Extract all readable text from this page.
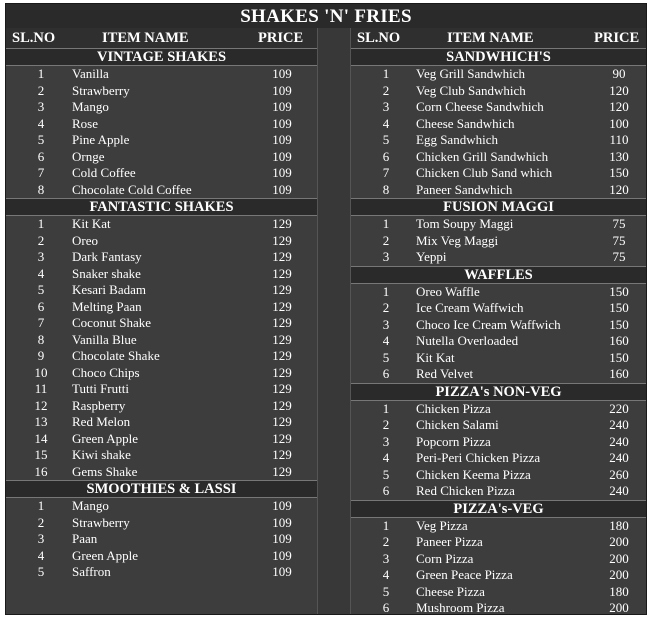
SHAKES 'N' FRIES
SL.NO	ITEM NAME	PRICE
VINTAGE SHAKES
1	Vanilla	109
2	Strawberry	109
3	Mango	109
4	Rose	109
5	Pine Apple	109
6	Ornge	109
7	Cold Coffee	109
8	Chocolate Cold Coffee	109
FANTASTIC SHAKES
1	Kit Kat	129
2	Oreo	129
3	Dark Fantasy	129
4	Snaker shake	129
5	Kesari Badam	129
6	Melting Paan	129
7	Coconut Shake	129
8	Vanilla Blue	129
9	Chocolate Shake	129
10 Choco Chips	129
11 Tutti Frutti	129
12 Raspberry	129
13 Red Melon	129
14 Green Apple	129
15 Kiwi shake	129
16 Gems Shake	129
SMOOTHIES & LASSI
1	Mango	109
2	Strawberry	109
3	Paan	109
4	Green Apple	109
5	Saffron	109
SL.NO	ITEM NAME	PRICE
SANDWHICH'S
1	Veg Grill Sandwhich	90
2	Veg Club Sandwhich	120
3	Corn Cheese Sandwhich	120
4	Cheese Sandwhich	100
5	Egg Sandwhich	110
6	Chicken Grill Sandwhich	130
7	Chicken Club Sand which	150
8	Paneer Sandwhich	120
FUSION MAGGI
1	Tom Soupy Maggi	75
2	Mix Veg Maggi	75
3	Yeppi	75
WAFFLES
1	Oreo Waffle	150
2	Ice Cream Waffwich	150
3	Choco Ice Cream Waffwich	150
4	Nutella Overloaded	160
5	Kit Kat	150
6	Red Velvet	160
PIZZA's NON-VEG
1	Chicken Pizza	220
2	Chicken Salami	240
3	Popcorn Pizza	240
4	Peri-Peri Chicken Pizza	240
5	Chicken Keema Pizza	260
6	Red Chicken Pizza	240
PIZZA's-VEG
1	Veg Pizza	180
2	Paneer Pizza	200
3	Corn Pizza	200
4	Green Peace Pizza	200
5	Cheese Pizza	180
6	Mushroom Pizza	200
